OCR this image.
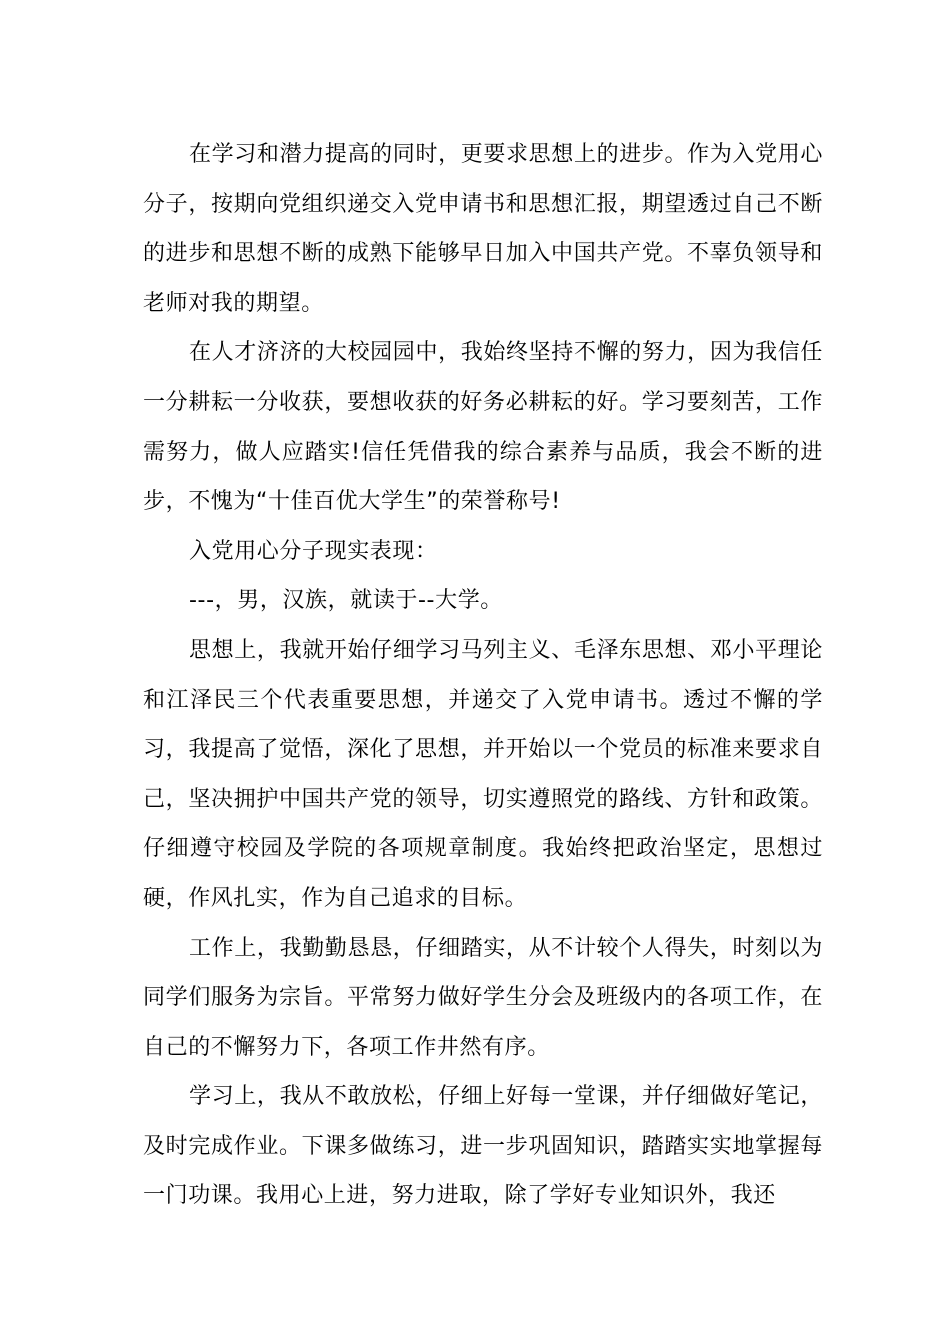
在学习和潜力提高的同时，更要求思想上的进步。作为入党用心分子，按期向党组织递交入党申请书和思想汇报，期望透过自己不断的进步和思想不断的成熟下能够早日加入中国共产党。不辜负领导和老师对我的期望。

在人才济济的大校园园中，我始终坚持不懈的努力，因为我信任一分耕耘一分收获，要想收获的好务必耕耘的好。学习要刻苦，工作需努力，做人应踏实!信任凭借我的综合素养与品质，我会不断的进步，不愧为“十佳百优大学生”的荣誉称号!

入党用心分子现实表现：

---，男，汉族，就读于--大学。

思想上，我就开始仔细学习马列主义、毛泽东思想、邓小平理论和江泽民三个代表重要思想，并递交了入党申请书。透过不懈的学习，我提高了觉悟，深化了思想，并开始以一个党员的标准来要求自己，坚决拥护中国共产党的领导，切实遵照党的路线、方针和政策。仔细遵守校园及学院的各项规章制度。我始终把政治坚定，思想过硬，作风扎实，作为自己追求的目标。

工作上，我勤勤恳恳，仔细踏实，从不计较个人得失，时刻以为同学们服务为宗旨。平常努力做好学生分会及班级内的各项工作，在自己的不懈努力下，各项工作井然有序。

学习上，我从不敢放松，仔细上好每一堂课，并仔细做好笔记，及时完成作业。下课多做练习，进一步巩固知识，踏踏实实地掌握每一门功课。我用心上进，努力进取，除了学好专业知识外，我还
